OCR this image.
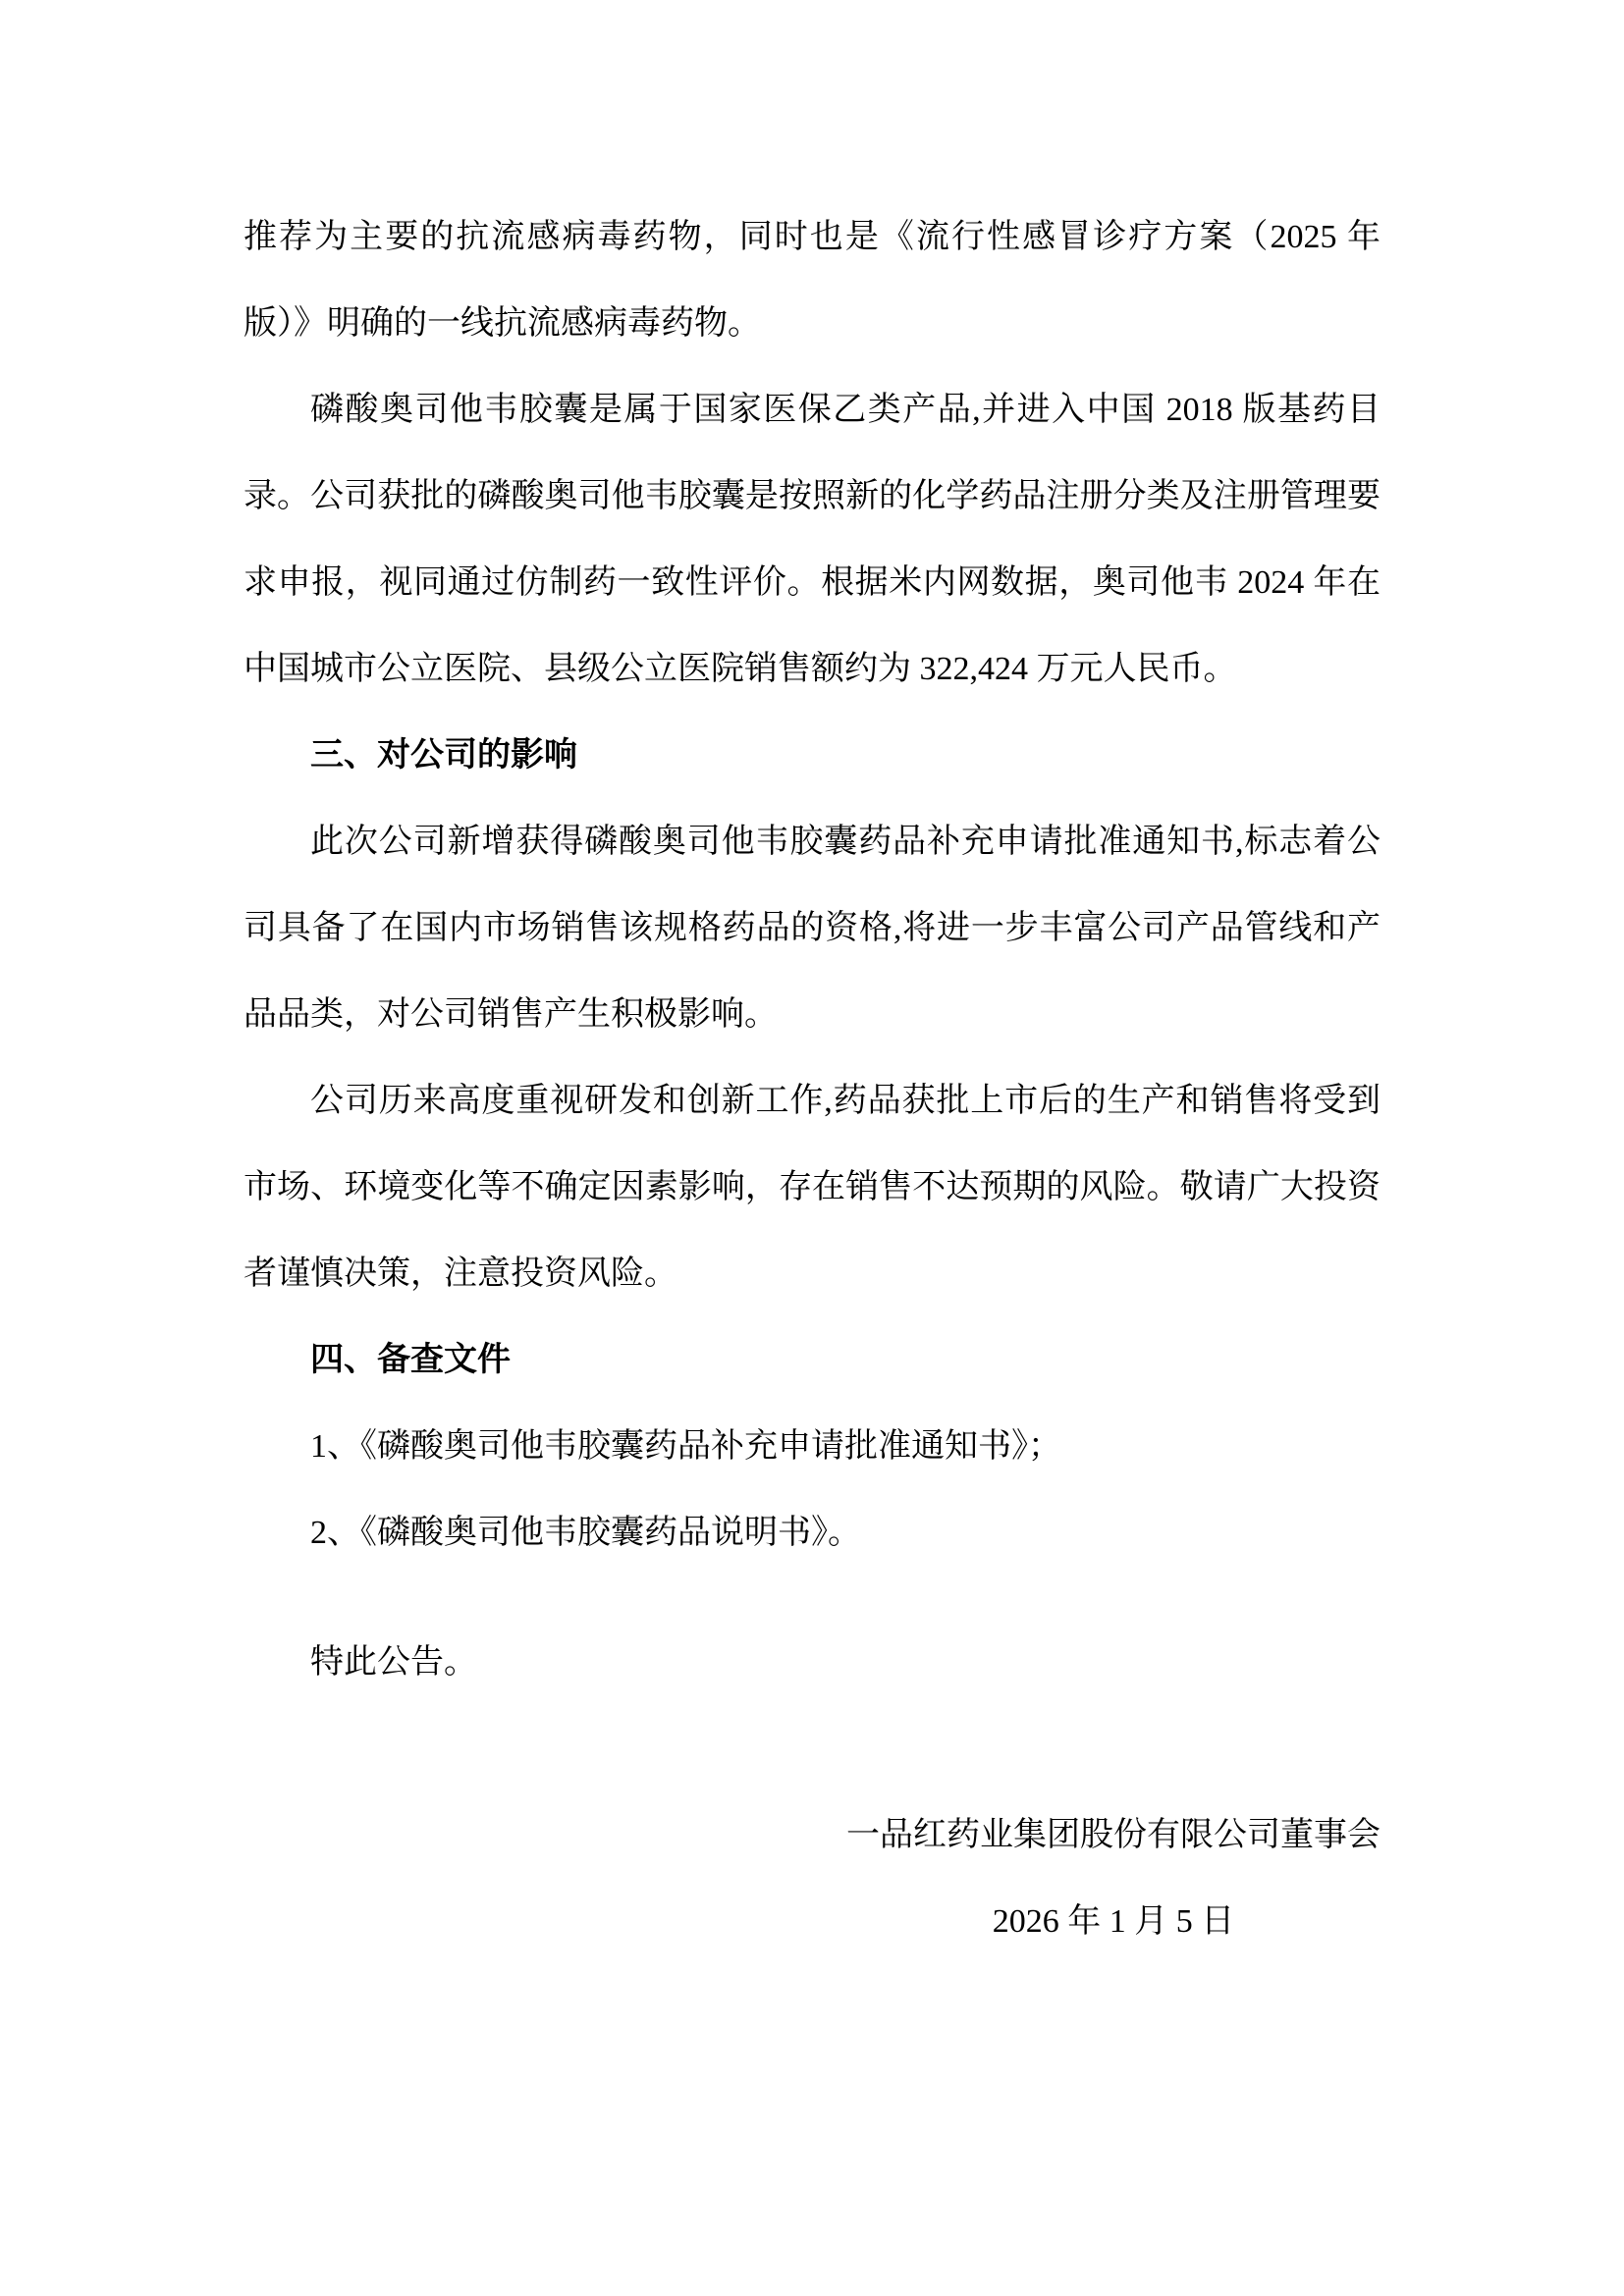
推荐为主要的抗流感病毒药物，同时也是《流行性感冒诊疗方案（2025 年版）》明确的一线抗流感病毒药物。
磷酸奥司他韦胶囊是属于国家医保乙类产品,并进入中国 2018 版基药目录。公司获批的磷酸奥司他韦胶囊是按照新的化学药品注册分类及注册管理要求申报，视同通过仿制药一致性评价。根据米内网数据，奥司他韦 2024 年在中国城市公立医院、县级公立医院销售额约为 322,424 万元人民币。
三、对公司的影响
此次公司新增获得磷酸奥司他韦胶囊药品补充申请批准通知书,标志着公司具备了在国内市场销售该规格药品的资格,将进一步丰富公司产品管线和产品品类，对公司销售产生积极影响。
公司历来高度重视研发和创新工作,药品获批上市后的生产和销售将受到市场、环境变化等不确定因素影响，存在销售不达预期的风险。敬请广大投资者谨慎决策，注意投资风险。
四、备查文件
1、《磷酸奥司他韦胶囊药品补充申请批准通知书》；
2、《磷酸奥司他韦胶囊药品说明书》。
特此公告。
一品红药业集团股份有限公司董事会
2026 年 1 月 5 日
